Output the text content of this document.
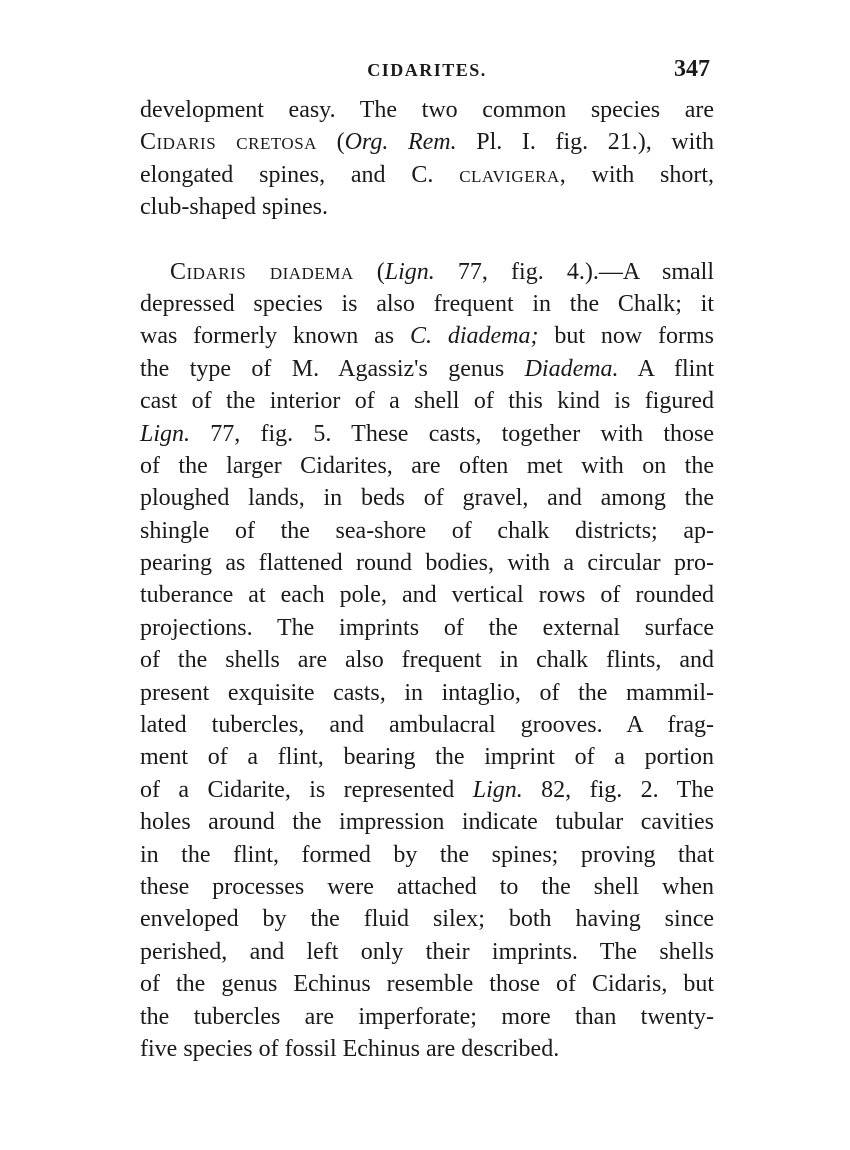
CIDARITES.	347
development easy. The two common species are
Cidaris cretosa (Org. Rem. Pl. I. fig. 21.), with
elongated spines, and C. clavigera, with short,
club-shaped spines.
Cidaris diadema (Lign. 77, fig. 4.).—A small
depressed species is also frequent in the Chalk; it
was formerly known as C. diadema; but now forms
the type of M. Agassiz's genus Diadema. A flint
cast of the interior of a shell of this kind is figured
Lign. 77, fig. 5. These casts, together with those
of the larger Cidarites, are often met with on the
ploughed lands, in beds of gravel, and among the
shingle of the sea-shore of chalk districts; ap-
pearing as flattened round bodies, with a circular pro-
tuberance at each pole, and vertical rows of rounded
projections. The imprints of the external surface
of the shells are also frequent in chalk flints, and
present exquisite casts, in intaglio, of the mammil-
lated tubercles, and ambulacral grooves. A frag-
ment of a flint, bearing the imprint of a portion
of a Cidarite, is represented Lign. 82, fig. 2. The
holes around the impression indicate tubular cavities
in the flint, formed by the spines; proving that
these processes were attached to the shell when
enveloped by the fluid silex; both having since
perished, and left only their imprints. The shells
of the genus Echinus resemble those of Cidaris, but
the tubercles are imperforate; more than twenty-
five species of fossil Echinus are described.
